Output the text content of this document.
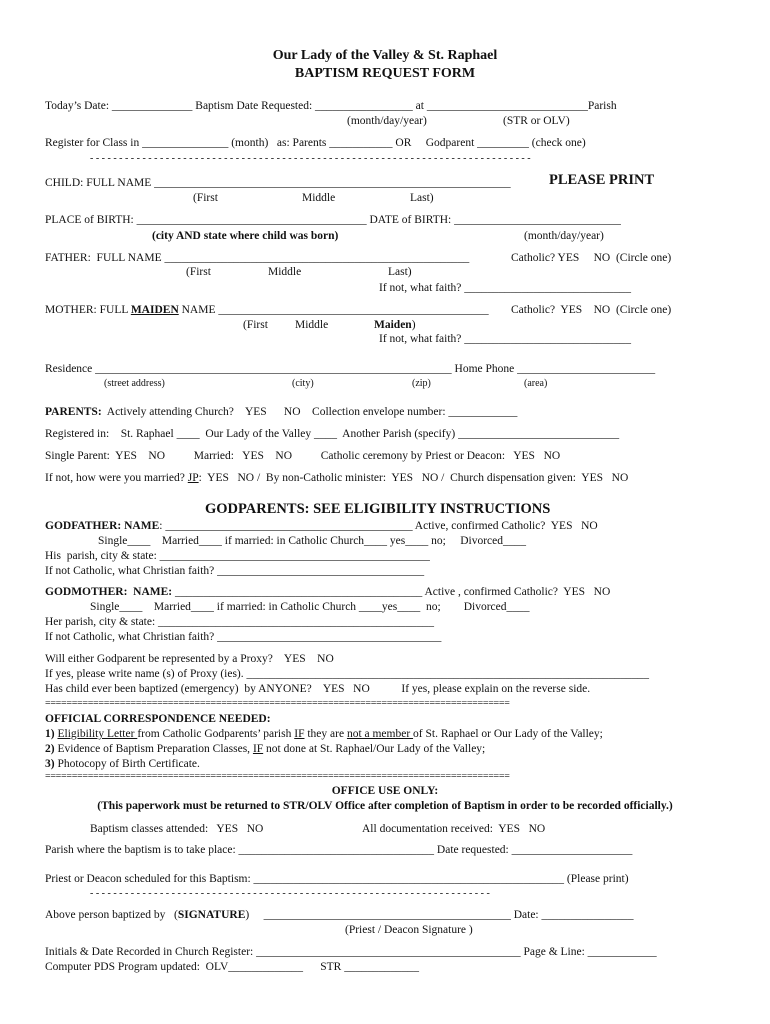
Our Lady of the Valley & St. Raphael
BAPTISM REQUEST FORM
Today’s Date: ______________ Baptism Date Requested: _________________ at ____________________________Parish
(month/day/year)	(STR or OLV)
Register for Class in _______________ (month)   as: Parents ___________ OR     Godparent _________ (check one)
- - - - - - - - - - - - - - - - - - - - - - - - - - - - - - - - - - - - - - - - - - - - - - - - - - - - - - - - - - - - - - - - - - - - - - - - - - - -
CHILD: FULL NAME ______________________________________________________________	PLEASE PRINT
(First	Middle	Last)
PLACE of BIRTH: ________________________________________ DATE of BIRTH: _____________________________
(city AND state where child was born)	(month/day/year)
FATHER:  FULL NAME _____________________________________________________	Catholic? YES     NO  (Circle one)
(First	Middle	Last)
If not, what faith? _____________________________
MOTHER: FULL MAIDEN NAME _______________________________________________ Catholic?  YES    NO  (Circle one)
(First Middle	Maiden)
If not, what faith? _____________________________
Residence ______________________________________________________________ Home Phone ________________________
(street address)	(city)	(zip)	(area)
PARENTS:  Actively attending Church?    YES      NO    Collection envelope number: ____________
Registered in:    St. Raphael ____  Our Lady of the Valley ____  Another Parish (specify) ____________________________
Single Parent:  YES    NO          Married:   YES    NO          Catholic ceremony by Priest or Deacon:   YES   NO
If not, how were you married? JP:  YES   NO /  By non-Catholic minister:  YES   NO /  Church dispensation given:  YES   NO
GODPARENTS: SEE ELIGIBILITY INSTRUCTIONS
GODFATHER: NAME: ___________________________________________ Active, confirmed Catholic?  YES   NO
Single____    Married____ if married: in Catholic Church____ yes____ no;     Divorced____
His  parish, city & state: _______________________________________________
If not Catholic, what Christian faith? ____________________________________
GODMOTHER:  NAME: ___________________________________________ Active , confirmed Catholic?  YES   NO
Single____    Married____ if married: in Catholic Church ____yes____  no;        Divorced____
Her parish, city & state: ________________________________________________
If not Catholic, what Christian faith? _______________________________________
Will either Godparent be represented by a Proxy?    YES    NO
If yes, please write name (s) of Proxy (ies). ______________________________________________________________________
Has child ever been baptized (emergency)  by ANYONE?    YES   NO           If yes, please explain on the reverse side.
=======================================================================================
OFFICIAL CORRESPONDENCE NEEDED:
1) Eligibility Letter from Catholic Godparents’ parish IF they are not a member of St. Raphael or Our Lady of the Valley;
2) Evidence of Baptism Preparation Classes, IF not done at St. Raphael/Our Lady of the Valley;
3) Photocopy of Birth Certificate.
=======================================================================================
OFFICE USE ONLY:
(This paperwork must be returned to STR/OLV Office after completion of Baptism in order to be recorded officially.)
Baptism classes attended:   YES   NO	All documentation received:  YES   NO
Parish where the baptism is to take place: __________________________________ Date requested: _____________________
Priest or Deacon scheduled for this Baptism: ______________________________________________________ (Please print)
- - - - - - - - - - - - - - - - - - - - - - - - - - - - - - - - - - - - - - - - - - - - - - - - - - - - - - - - - - - - - - - - - - - - -
Above person baptized by   (SIGNATURE)     ___________________________________________ Date: ________________
(Priest / Deacon Signature )
Initials & Date Recorded in Church Register: ______________________________________________ Page & Line: ____________
Computer PDS Program updated:  OLV_____________      STR _____________
